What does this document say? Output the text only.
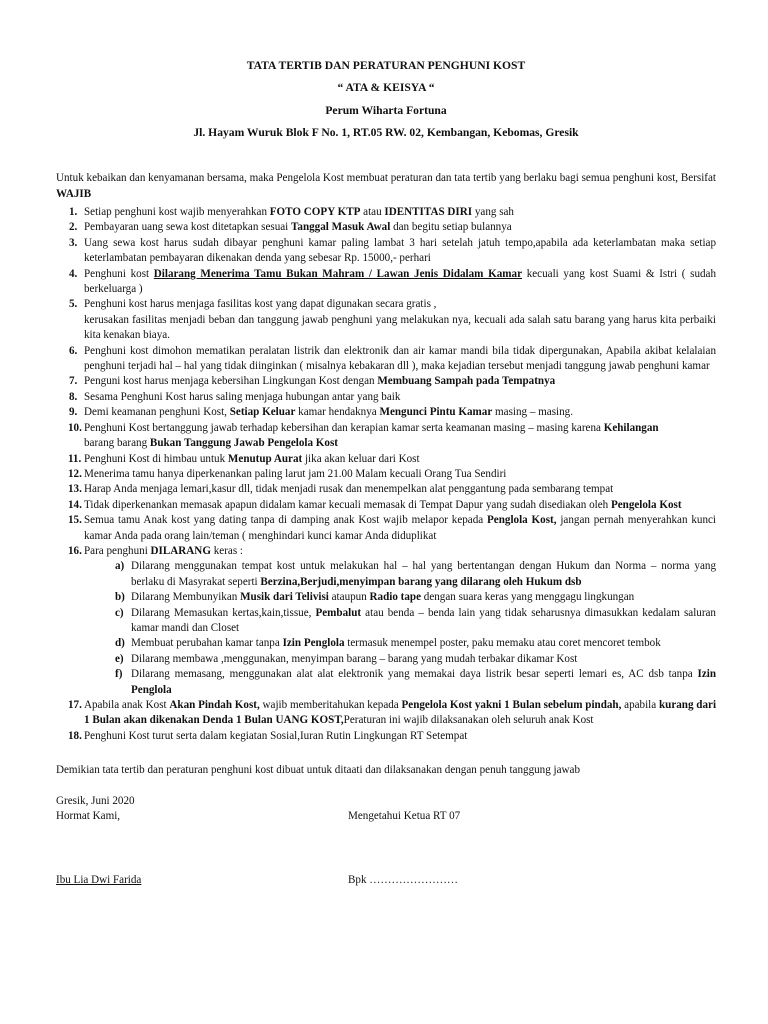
TATA TERTIB DAN PERATURAN PENGHUNI KOST

“ ATA & KEISYA “

Perum Wiharta Fortuna

Jl. Hayam Wuruk Blok F No. 1, RT.05 RW. 02, Kembangan, Kebomas, Gresik

Untuk kebaikan dan kenyamanan bersama, maka Pengelola Kost membuat peraturan dan tata tertib yang berlaku bagi semua penghuni kost, Bersifat WAJIB
1. Setiap penghuni kost wajib menyerahkan FOTO COPY KTP atau IDENTITAS DIRI yang sah
2. Pembayaran uang sewa kost ditetapkan sesuai Tanggal Masuk Awal dan begitu setiap bulannya
3. Uang sewa kost harus sudah dibayar penghuni kamar paling lambat 3 hari setelah jatuh tempo,apabila ada keterlambatan maka setiap keterlambatan pembayaran dikenakan denda yang sebesar Rp. 15000,- perhari
4. Penghuni kost Dilarang Menerima Tamu Bukan Mahram / Lawan Jenis Didalam Kamar kecuali yang kost Suami & Istri ( sudah berkeluarga )
5. Penghuni kost harus menjaga fasilitas kost yang dapat digunakan secara gratis ,
kerusakan fasilitas menjadi beban dan tanggung jawab penghuni yang melakukan nya, kecuali ada salah satu barang yang harus kita perbaiki kita kenakan biaya.
6. Penghuni kost dimohon mematikan peralatan listrik dan elektronik dan air kamar mandi bila tidak dipergunakan, Apabila akibat kelalaian penghuni terjadi hal – hal yang tidak diinginkan ( misalnya kebakaran dll ), maka kejadian tersebut menjadi tanggung jawab penghuni kamar
7. Penguni kost harus menjaga kebersihan Lingkungan Kost dengan Membuang Sampah pada Tempatnya
8. Sesama Penghuni Kost harus saling menjaga hubungan antar yang baik
9. Demi keamanan penghuni Kost, Setiap Keluar kamar hendaknya Mengunci Pintu Kamar masing – masing.
10. Penghuni Kost bertanggung jawab terhadap kebersihan dan kerapian kamar serta keamanan masing – masing karena Kehilangan
barang barang Bukan Tanggung Jawab Pengelola Kost
11. Penghuni Kost di himbau untuk Menutup Aurat jika akan keluar dari Kost
12. Menerima tamu hanya diperkenankan paling larut jam 21.00 Malam kecuali Orang Tua Sendiri
13. Harap Anda menjaga lemari,kasur dll, tidak menjadi rusak dan menempelkan alat penggantung pada sembarang tempat
14. Tidak diperkenankan memasak apapun didalam kamar kecuali memasak di Tempat Dapur yang sudah disediakan oleh Pengelola Kost
15. Semua tamu Anak kost yang dating tanpa di damping anak Kost wajib melapor kepada Penglola Kost, jangan pernah menyerahkan kunci kamar Anda pada orang lain/teman ( menghindari kunci kamar Anda diduplikat
16. Para penghuni DILARANG keras :
a) Dilarang menggunakan tempat kost untuk melakukan hal – hal yang bertentangan dengan Hukum dan Norma – norma yang berlaku di Masyrakat seperti Berzina,Berjudi,menyimpan barang yang dilarang oleh Hukum dsb
b) Dilarang Membunyikan Musik dari Telivisi ataupun Radio tape dengan suara keras yang menggagu lingkungan
c) Dilarang Memasukan kertas,kain,tissue, Pembalut atau benda – benda lain yang tidak seharusnya dimasukkan kedalam saluran kamar mandi dan Closet
d) Membuat perubahan kamar tanpa Izin Penglola termasuk menempel poster, paku memaku atau coret mencoret tembok
e) Dilarang membawa ,menggunakan, menyimpan barang – barang yang mudah terbakar dikamar Kost
f) Dilarang memasang, menggunakan alat alat elektronik yang memakai daya listrik besar seperti lemari es, AC dsb tanpa Izin Penglola
17. Apabila anak Kost Akan Pindah Kost, wajib memberitahukan kepada Pengelola Kost yakni 1 Bulan sebelum pindah, apabila kurang dari 1 Bulan akan dikenakan Denda 1 Bulan UANG KOST,Peraturan ini wajib dilaksanakan oleh seluruh anak Kost
18. Penghuni Kost turut serta dalam kegiatan Sosial,Iuran Rutin Lingkungan RT Setempat
Demikian tata tertib dan peraturan penghuni kost dibuat untuk ditaati dan dilaksanakan dengan penuh tanggung jawab
Gresik, Juni 2020
Hormat Kami,	Mengetahui Ketua RT 07
Ibu Lia Dwi Farida	Bpk ……………………
